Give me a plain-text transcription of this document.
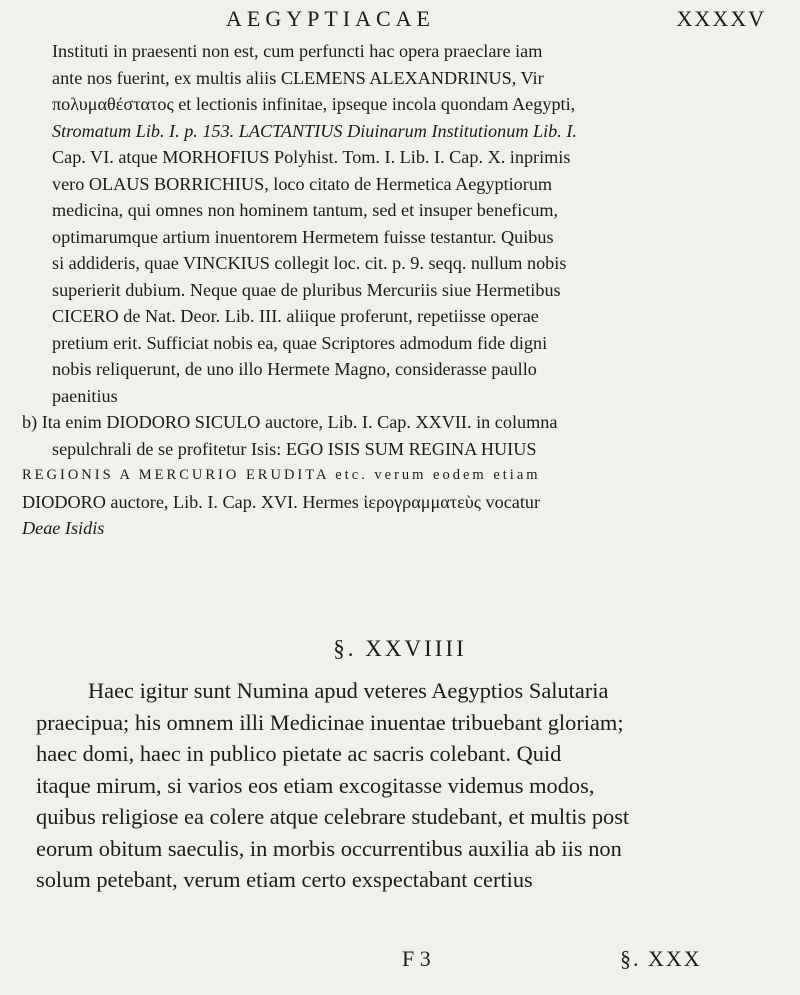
AEGYPTIACAE	XXXXV
Instituti in praesenti non est, cum perfuncti hac opera praeclare iam
ante nos fuerint, ex multis aliis CLEMENS ALEXANDRINUS, Vir
πολυμαθέστατος et lectionis infinitae, ipseque incola quondam Aegypti,
Stromatum Lib. I. p. 153. LACTANTIUS Diuinarum Institutionum Lib. I.
Cap. VI. atque MORHOFIUS Polyhist. Tom. I. Lib. I. Cap. X. inprimis
vero OLAUS BORRICHIUS, loco citato de Hermetica Aegyptiorum
medicina, qui omnes non hominem tantum, sed et insuper beneficum,
optimarumque artium inuentorem Hermetem fuisse testantur. Quibus
si addideris, quae VINCKIUS collegit loc. cit. p. 9. seqq. nullum nobis
superierit dubium. Neque quae de pluribus Mercuriis siue Hermetibus
CICERO de Nat. Deor. Lib. III. aliique proferunt, repetiisse operae
pretium erit. Sufficiat nobis ea, quae Scriptores admodum fide digni
nobis reliquerunt, de uno illo Hermete Magno, considerasse paullo
paenitius
b) Ita enim DIODORO SICULO auctore, Lib. I. Cap. XXVII. in columna
sepulchrali de se profitetur Isis: EGO ISIS SUM REGINA HUIUS
REGIONIS A MERCURIO ERUDITA etc. verum eodem etiam
DIODORO auctore, Lib. I. Cap. XVI. Hermes ἱερογραμματεὺς vocatur
Deae Isidis
§. XXVIIII
Haec igitur sunt Numina apud veteres Aegyptios Salutaria
praecipua; his omnem illi Medicinae inuentae tribuebant gloriam;
haec domi, haec in publico pietate ac sacris colebant. Quid
itaque mirum, si varios eos etiam excogitasse videmus modos,
quibus religiose ea colere atque celebrare studebant, et multis post
eorum obitum saeculis, in morbis occurrentibus auxilia ab iis non
solum petebant, verum etiam certo exspectabant certius
F 3	§. XXX
